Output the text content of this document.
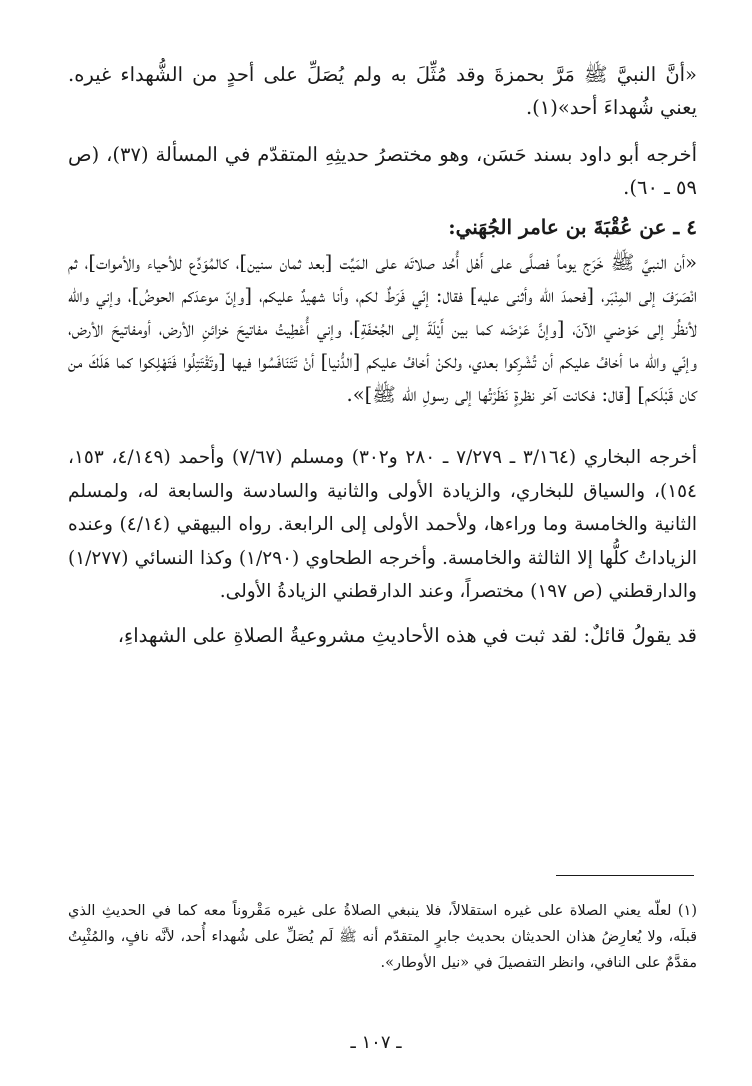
«أنَّ النبيَّ ﷺ مَرَّ بحمزةَ وقد مُثِّلَ به ولم يُصَلِّ على أحدٍ من الشُّهداء غيره. يعني شُهداءَ أحد»(١).

أخرجه أبو داود بسند حَسَن، وهو مختصرُ حديثِهِ المتقدّم في المسألة (٣٧)، (ص ٥٩ ـ ٦٠).

٤ ـ عن عُقْبَةَ بن عامر الجُهَني:

«أن النبيَّ ﷺ خَرَج يوماً فصلَّى على أَهْل أُحُد صلاتَه على المَيِّت [بعد ثمان سنين]، كالمُوَدِّع للأحياء والأموات]، ثم انْصَرَفَ إلى المِنْبَر، [فحمدَ الله وأثنى عليه] فقال: إنّي فَرَطٌ لكم، وأنا شهيدٌ عليكم، [وإنّ موعدَكم الحوضُ]، وإني والله لأنظُر إلى حَوْضي الآنَ، [وإنَّ عَرْضَه كما بين أَيْلَةَ إلى الجُحْفَةِ]، وإني أُعْطِيتُ مفاتيحَ خزائنِ الأرض، أومفاتيحَ الأرض، وإنّي والله ما أخافُ عليكم أن تُشْرِكوا بعدي، ولكنْ أخافُ عليكم [الدُّنيا] أنْ تَتَنَافَسُوا فيها [وتَقْتَتِلُوا فَتَهْلِكوا كما هَلَكَ من كان قَبْلَكم] [قال: فكانت آخر نظرةٍ نَظَرْتُها إلى رسولِ الله ﷺ]».

أخرجه البخاري (٣/١٦٤ ـ ٧/٢٧٩ ـ ٢٨٠ و٣٠٢) ومسلم (٧/٦٧) وأحمد (٤/١٤٩، ١٥٣، ١٥٤)، والسياق للبخاري، والزيادة الأولى والثانية والسادسة والسابعة له، ولمسلم الثانية والخامسة وما وراءها، ولأحمد الأولى إلى الرابعة. رواه البيهقي (٤/١٤) وعنده الزياداتُ كلُّها إلا الثالثة والخامسة. وأخرجه الطحاوي (١/٢٩٠) وكذا النسائي (١/٢٧٧) والدارقطني (ص ١٩٧) مختصراً، وعند الدارقطني الزيادةُ الأولى.

قد يقولُ قائلٌ: لقد ثبت في هذه الأحاديثِ مشروعيةُ الصلاةِ على الشهداءِ،

(١) لعلّه يعني الصلاة على غيره استقلالاً، فلا ينبغي الصلاةُ على غيره مَقْروناً معه كما في الحديثِ الذي قبلَه، ولا يُعارِضُ هذان الحديثان بحديث جابرٍ المتقدّم أنه ﷺ لَم يُصَلِّ على شُهداء أُحد، لأنَّه نافٍ، والمُثْبِتُ مقدَّمٌ على النافي، وانظر التفصيلَ في «نيل الأوطار».

ـ ١٠٧ ـ
